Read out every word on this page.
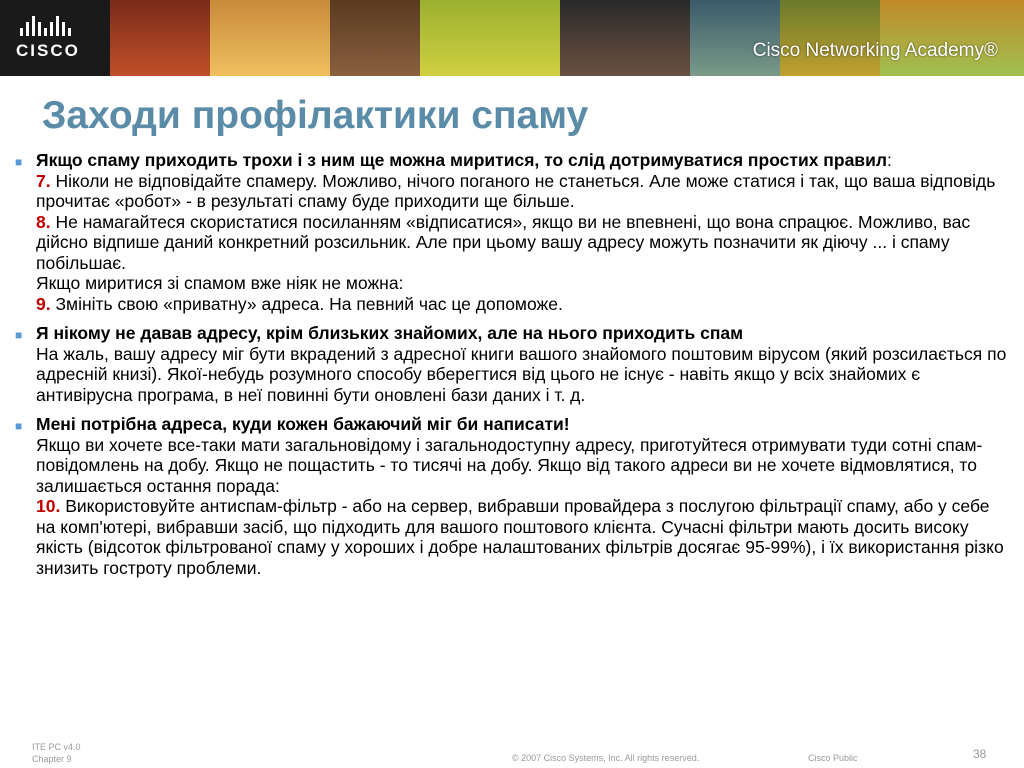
CISCO	Cisco Networking Academy®
Заходи профілактики спаму
■ Якщо спаму приходить трохи і з ним ще можна миритися, то слід дотримуватися простих правил:
7. Ніколи не відповідайте спамеру. Можливо, нічого поганого не станеться. Але може статися і так, що ваша відповідь прочитає «робот» - в результаті спаму буде приходити ще більше.
8. Не намагайтеся скористатися посиланням «відписатися», якщо ви не впевнені, що вона спрацює. Можливо, вас дійсно відпише даний конкретний розсильник. Але при цьому вашу адресу можуть позначити як діючу ... і спаму побільшає.
Якщо миритися зі спамом вже ніяк не можна:
9. Змініть свою «приватну» адреса. На певний час це допоможе.
■ Я нікому не давав адресу, крім близьких знайомих, але на нього приходить спам
На жаль, вашу адресу міг бути вкрадений з адресної книги вашого знайомого поштовим вірусом (який розсилається по адресній книзі). Якої-небудь розумного способу вберегтися від цього не існує - навіть якщо у всіх знайомих є антивірусна програма, в неї повинні бути оновлені бази даних і т. д.
■ Мені потрібна адреса, куди кожен бажаючий міг би написати!
Якщо ви хочете все-таки мати загальновідому і загальнодоступну адресу, приготуйтеся отримувати туди сотні спам-повідомлень на добу. Якщо не пощастить - то тисячі на добу. Якщо від такого адреси ви не хочете відмовлятися, то залишається остання порада:
10. Використовуйте антиспам-фільтр - або на сервер, вибравши провайдера з послугою фільтрації спаму, або у себе на комп'ютері, вибравши засіб, що підходить для вашого поштового клієнта. Сучасні фільтри мають досить високу якість (відсоток фільтрованої спаму у хороших і добре налаштованих фільтрів досягає 95-99%), і їх використання різко знизить гостроту проблеми.
ITE PC v4.0
Chapter 9	© 2007 Cisco Systems, Inc. All rights reserved.	Cisco Public	38
